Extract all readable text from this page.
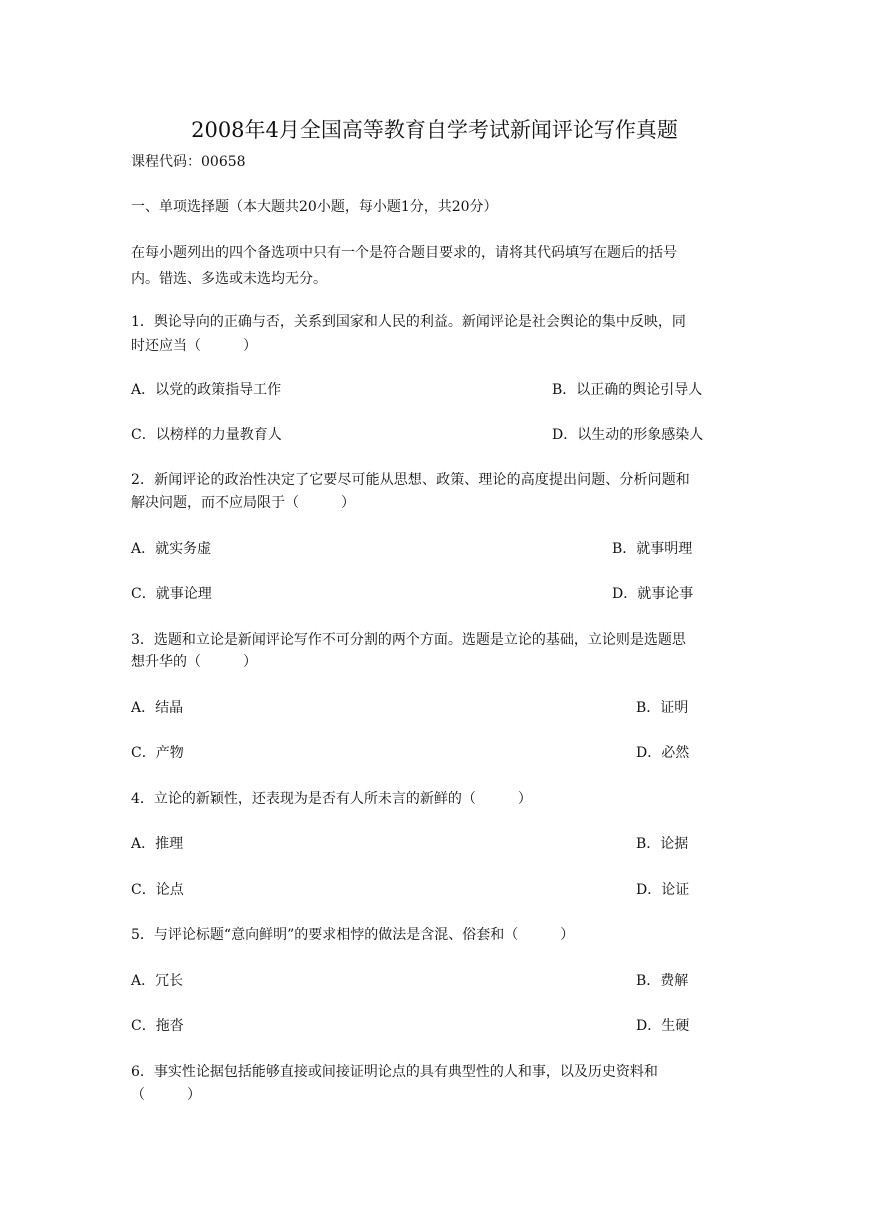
2008年4月全国高等教育自学考试新闻评论写作真题
课程代码：00658
一、单项选择题（本大题共20小题，每小题1分，共20分）
在每小题列出的四个备选项中只有一个是符合题目要求的，请将其代码填写在题后的括号
内。错选、多选或未选均无分。
1．舆论导向的正确与否，关系到国家和人民的利益。新闻评论是社会舆论的集中反映，同
时还应当（　　　）
A．以党的政策指导工作	B．以正确的舆论引导人
C．以榜样的力量教育人	D．以生动的形象感染人
2．新闻评论的政治性决定了它要尽可能从思想、政策、理论的高度提出问题、分析问题和
解决问题，而不应局限于（　　　）
A．就实务虚	B．就事明理
C．就事论理	D．就事论事
3．选题和立论是新闻评论写作不可分割的两个方面。选题是立论的基础，立论则是选题思
想升华的（　　　）
A．结晶	B．证明
C．产物	D．必然
4．立论的新颖性，还表现为是否有人所未言的新鲜的（　　　）
A．推理	B．论据
C．论点	D．论证
5．与评论标题“意向鲜明”的要求相悖的做法是含混、俗套和（　　　）
A．冗长	B．费解
C．拖沓	D．生硬
6．事实性论据包括能够直接或间接证明论点的具有典型性的人和事，以及历史资料和
（　　　）
